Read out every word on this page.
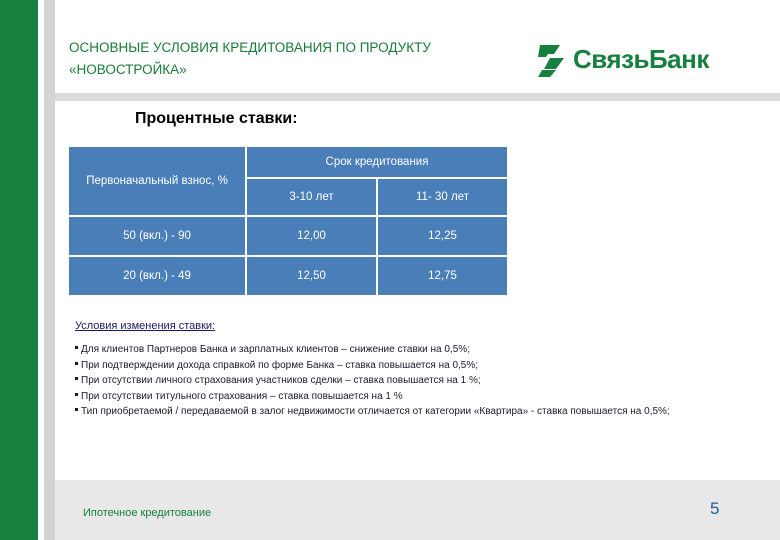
ОСНОВНЫЕ УСЛОВИЯ КРЕДИТОВАНИЯ ПО ПРОДУКТУ
«НОВОСТРОЙКА»	СвязьБанк
Процентные ставки:
Первоначальный взнос, %	Срок кредитования	
	3-10 лет	11- 30 лет
50 (вкл.) - 90	12,00	12,25
20 (вкл.) - 49	12,50	12,75
Условия изменения ставки:
Для клиентов Партнеров Банка и зарплатных клиентов – снижение ставки на 0,5%;
При подтверждении дохода справкой по форме Банка – ставка повышается на 0,5%;
При отсутствии личного страхования участников сделки – ставка повышается на 1 %;
При отсутствии титульного страхования – ставка повышается на 1 %
Тип приобретаемой / передаваемой в залог недвижимости отличается от категории «Квартира» - ставка повышается на 0,5%;
Ипотечное кредитование	5
